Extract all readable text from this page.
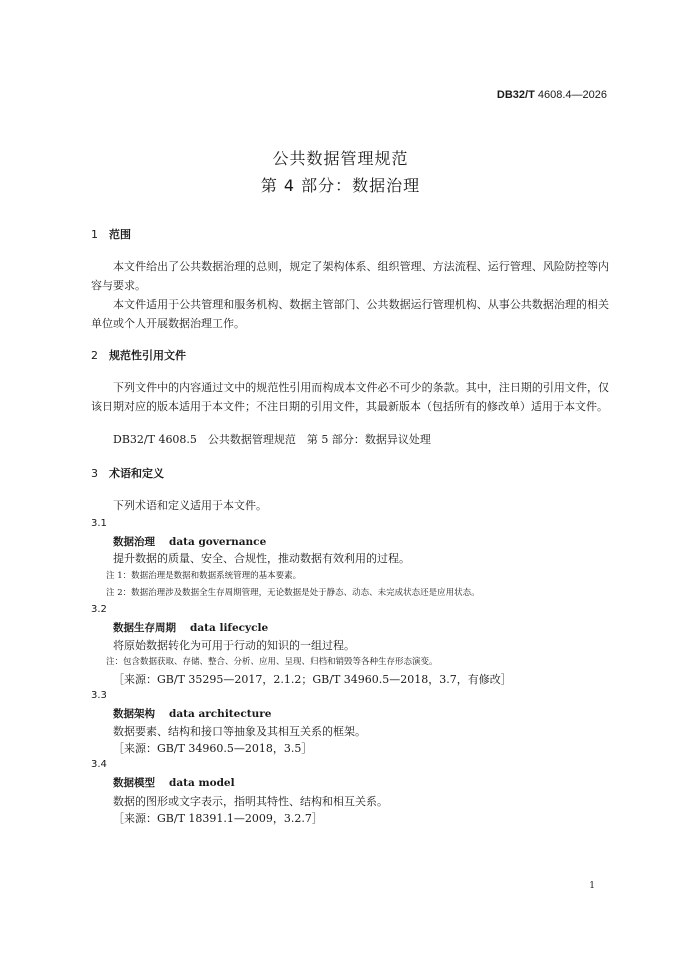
DB32/T 4608.4—2026
公共数据管理规范
第 4 部分：数据治理
1 范围
本文件给出了公共数据治理的总则，规定了架构体系、组织管理、方法流程、运行管理、风险防控等内容与要求。
本文件适用于公共管理和服务机构、数据主管部门、公共数据运行管理机构、从事公共数据治理的相关单位或个人开展数据治理工作。
2 规范性引用文件
下列文件中的内容通过文中的规范性引用而构成本文件必不可少的条款。其中，注日期的引用文件，仅该日期对应的版本适用于本文件；不注日期的引用文件，其最新版本（包括所有的修改单）适用于本文件。
DB32/T 4608.5　公共数据管理规范　第 5 部分：数据异议处理
3 术语和定义
下列术语和定义适用于本文件。
3.1
数据治理 data governance
提升数据的质量、安全、合规性，推动数据有效利用的过程。
注 1：数据治理是数据和数据系统管理的基本要素。
注 2：数据治理涉及数据全生存周期管理，无论数据是处于静态、动态、未完成状态还是应用状态。
3.2
数据生存周期 data lifecycle
将原始数据转化为可用于行动的知识的一组过程。
注：包含数据获取、存储、整合、分析、应用、呈现、归档和销毁等各种生存形态演变。
［来源：GB/T 35295—2017，2.1.2；GB/T 34960.5—2018，3.7，有修改］
3.3
数据架构 data architecture
数据要素、结构和接口等抽象及其相互关系的框架。
［来源：GB/T 34960.5—2018，3.5］
3.4
数据模型 data model
数据的图形或文字表示，指明其特性、结构和相互关系。
［来源：GB/T 18391.1—2009，3.2.7］
1
